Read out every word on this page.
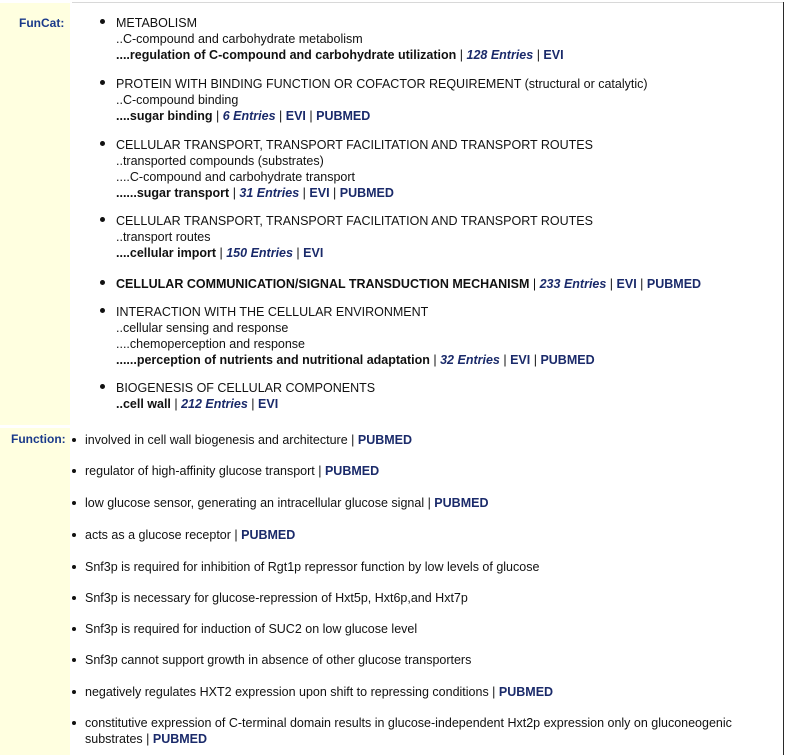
FunCat:
Function:
METABOLISM
..C-compound and carbohydrate metabolism
....regulation of C-compound and carbohydrate utilization | 128 Entries | EVI
PROTEIN WITH BINDING FUNCTION OR COFACTOR REQUIREMENT (structural or catalytic)
..C-compound binding
....sugar binding | 6 Entries | EVI | PUBMED
CELLULAR TRANSPORT, TRANSPORT FACILITATION AND TRANSPORT ROUTES
..transported compounds (substrates)
....C-compound and carbohydrate transport
......sugar transport | 31 Entries | EVI | PUBMED
CELLULAR TRANSPORT, TRANSPORT FACILITATION AND TRANSPORT ROUTES
..transport routes
....cellular import | 150 Entries | EVI
CELLULAR COMMUNICATION/SIGNAL TRANSDUCTION MECHANISM | 233 Entries | EVI | PUBMED
INTERACTION WITH THE CELLULAR ENVIRONMENT
..cellular sensing and response
....chemoperception and response
......perception of nutrients and nutritional adaptation | 32 Entries | EVI | PUBMED
BIOGENESIS OF CELLULAR COMPONENTS
..cell wall | 212 Entries | EVI
involved in cell wall biogenesis and architecture | PUBMED
regulator of high-affinity glucose transport | PUBMED
low glucose sensor, generating an intracellular glucose signal | PUBMED
acts as a glucose receptor | PUBMED
Snf3p is required for inhibition of Rgt1p repressor function by low levels of glucose
Snf3p is necessary for glucose-repression of Hxt5p, Hxt6p,and Hxt7p
Snf3p is required for induction of SUC2 on low glucose level
Snf3p cannot support growth in absence of other glucose transporters
negatively regulates HXT2 expression upon shift to repressing conditions | PUBMED
constitutive expression of C-terminal domain results in glucose-independent Hxt2p expression only on gluconeogenic substrates | PUBMED
